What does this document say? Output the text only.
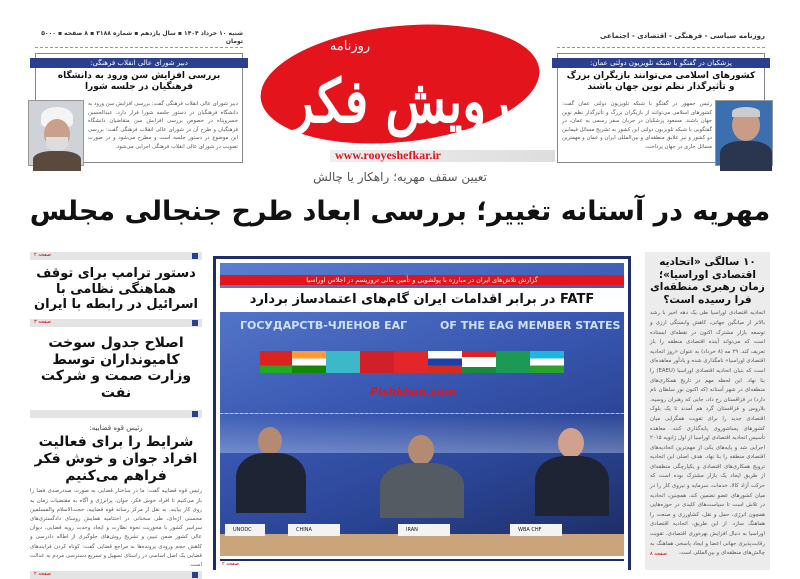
شنبه ۱۰ خرداد ۱۴۰۴ ▪ سال یازدهم ▪ شماره ۳۱۸۸ ▪ ۸ صفحه ▪ ۵۰۰۰ تومان
روزنامه سیاسی - فرهنگی - اقتصادی - اجتماعی
دبیر شورای عالی انقلاب فرهنگی:
بررسی افزایش سن ورود به دانشگاه فرهنگیان در جلسه شورا
دبیر شورای عالی انقلاب فرهنگی گفت: بررسی افزایش سن ورود به دانشگاه فرهنگیان در دستور جلسه شورا قرار دارد. عبدالحسین خسروپناه در خصوص بررسی افزایش سن متقاضیان دانشگاه فرهنگیان و طرح آن در شورای عالی انقلاب فرهنگی گفت: بررسی این موضوع در دستور جلسه است و مطرح می‌شود و در صورت تصویب در شورای عالی انقلاب فرهنگی اجرایی می‌شود.
رویش فکر
روزنامه
www.rooyeshefkar.ir
پزشکیان در گفتگو با شبکه تلویزیون دولتی عمان:
کشورهای اسلامی می‌توانند بازیگران بزرگ و تأثیرگذار نظم نوین جهان باشند
رئیس جمهور در گفتگو با شبکه تلویزیون دولتی عمان گفت: کشورهای اسلامی می‌توانند از بازیگران بزرگ و تأثیرگذار نظم نوین جهان باشند. مسعود پزشکیان در جریان سفر رسمی به عمان، در گفتگویی با شبکه تلویزیون دولتی این کشور به تشریح مسائل فیمابین دو کشور و نیز علایق منطقه‌ای و بین‌المللی ایران و عمان و مهمترین مسائل جاری در جهان پرداخت.
تعیین سقف مهریه؛ راهکار یا چالش
مهریه در آستانه تغییر؛ بررسی ابعاد طرح جنجالی مجلس
صفحه ۲
دستور ترامپ برای توقف هماهنگی نظامی با اسرائیل در رابطه با ایران
صفحه ۳
اصلاح جدول سوخت کامیونداران توسط وزارت صمت و شرکت نفت
رئیس قوه قضاییه:
شرایط را برای فعالیت افراد جوان و خوش فکر فراهم می‌کنیم
رئیس قوه قضاییه گفت: ما در ساختار قضایی به صورت صددرصدی فضا را باز می‌کنیم تا افراد خوش فکر، جوان، پرانرژی و آگاه به مقتضیات زمان به روی کار بیایند. به نقل از مرکز رسانه قوه قضاییه، حجت‌الاسلام والمسلمین محسنی اژه‌ای، طی سخنانی در اختتامیه همایش روسای دادگستری‌های سراسر کشور با محوریت نحوه نظارت و ایجاد وحدت رویه قضایی، دیوان عالی کشور ضمن تبیین و تشریح روش‌های جلوگیری از اطاله دادرسی و کاهش حجم ورودی پرونده‌ها به مراجع قضایی گفت: کوتاه کردن فرایندهای قضایی یک اصل اساسی در راستای تسهیل و تسریع دسترسی مردم به عدالت است.
صفحه ۲
ГОСУДАРСТВ-ЧЛЕНОВ ЕАГ	OF THE EAG MEMBER STATES
Pishkhan.com
UNODC	CHINA	IRAN	WBA CHF
گزارش تلاش‌های ایران در مبارزه با پولشویی و تأمین مالی تروریسم در اجلاس اوراسیا
FATF در برابر اقدامات ایران گام‌های اعتمادساز بردارد
صفحه ۲
۱۰ سالگی «اتحادیه اقتصادی اوراسیا»؛ زمان رهبری منطقه‌ای فرا رسیده است؟
اتحادیه اقتصادی اوراسیا طی یک دهه اخیر با رشد بالاتر از میانگین جهانی، کاهش وابستگی ارزی و توسعه بازار مشترک اکنون در نقطه‌ای ایستاده است که می‌تواند آینده اقتصادی منطقه را باز تعریف کند. ۲۹ مه (۸ خرداد) به عنوان «روز اتحادیه اقتصادی اوراسیا» نامگذاری شده و یادآور معاهده‌ای است که بنیان اتحادیه اقتصادی اوراسیا (EAEU) را بنا نهاد. این لحظه مهم در تاریخ همکاری‌های منطقه‌ای در شهر آستانه (که اکنون نور سلطان نام دارد) در قزاقستان رخ داد، جایی که رهبران روسیه، بلاروس و قزاقستان گرد هم آمدند تا یک بلوک اقتصادی جدید را برای تقویت همگرایی میان کشورهای پساشوروی پایه‌گذاری کنند. معاهده تأسیس اتحادیه اقتصادی اوراسیا از اول ژانویه ۲۰۱۵ اجرایی شد و پایه‌های یکی از مهم‌ترین اتحادیه‌های اقتصادی منطقه را بنا نهاد. هدف اصلی این اتحادیه ترویج همکاری‌های اقتصادی و یکپارچگی منطقه‌ای از طریق ایجاد یک بازار مشترک بوده است که حرکت آزاد کالا، خدمات، سرمایه و نیروی کار را در میان کشورهای عضو تضمین کند. همچنین، اتحادیه در تلاش است تا سیاست‌های کلیدی در حوزه‌هایی همچون انرژی، حمل و نقل، کشاورزی و صنعت را هماهنگ سازد. از این طریق، اتحادیه اقتصادی اوراسیا به دنبال افزایش بهره‌وری اقتصادی، تقویت رقابت‌پذیری جهانی اعضا و ایجاد پاسخی هماهنگ به چالش‌های منطقه‌ای و بین‌المللی است.
صفحه ۸
